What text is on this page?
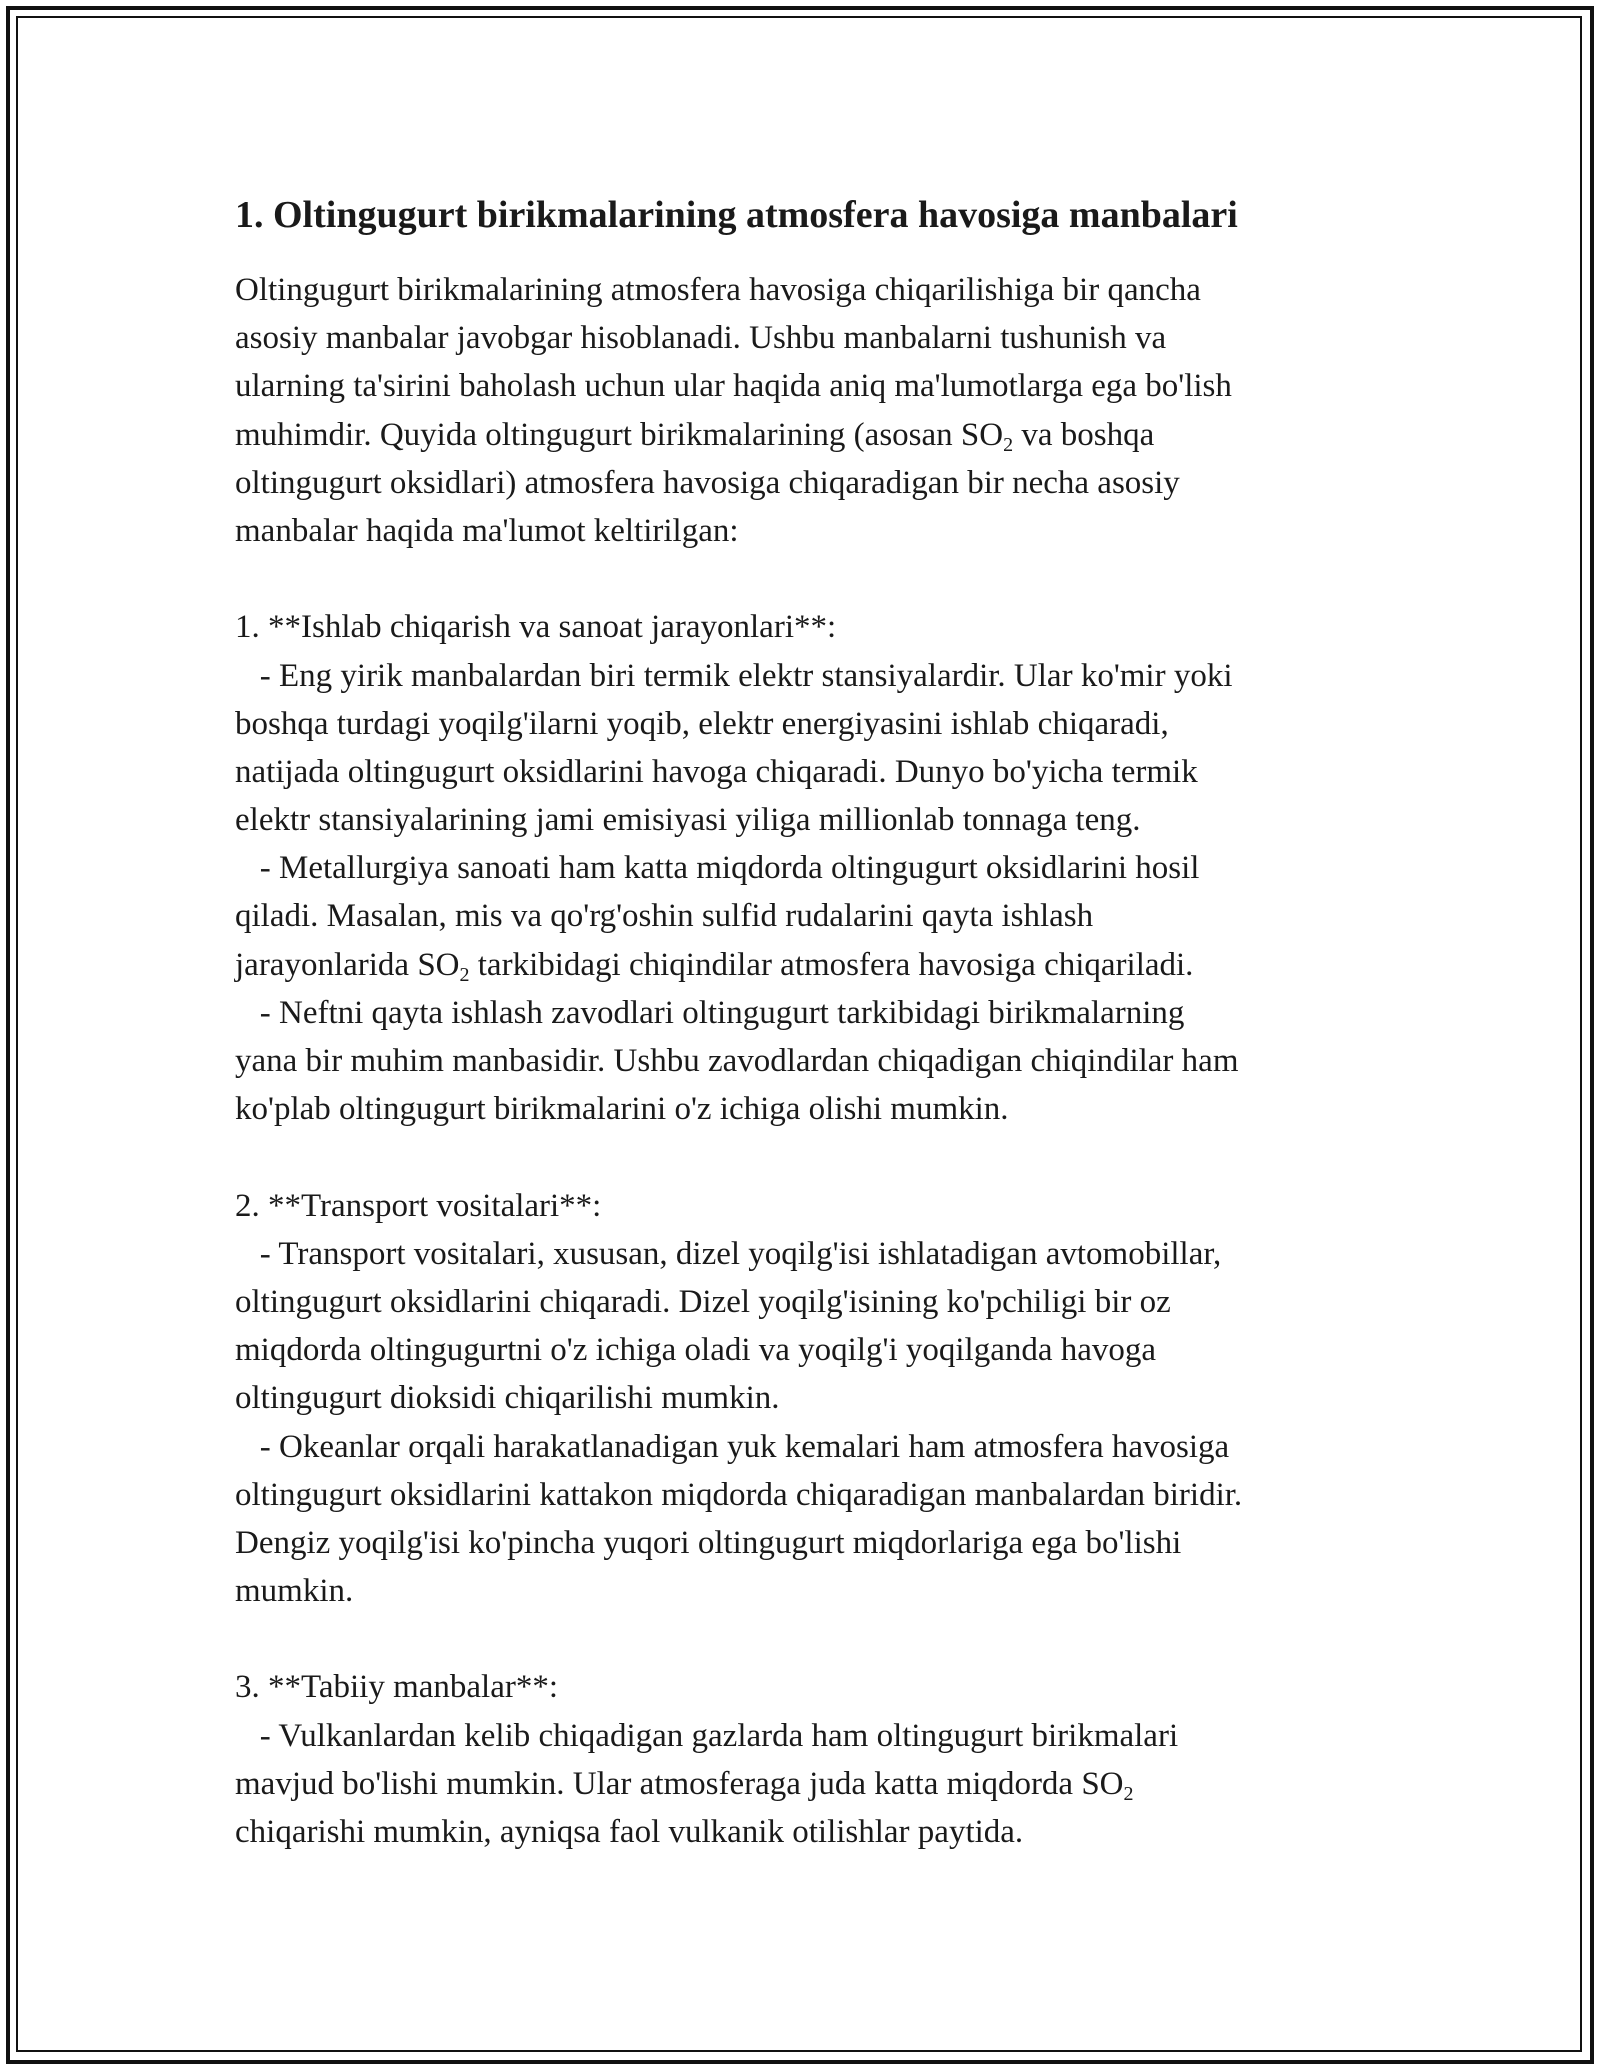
1. Oltingugurt birikmalarining atmosfera havosiga manbalari
Oltingugurt birikmalarining atmosfera havosiga chiqarilishiga bir qancha
asosiy manbalar javobgar hisoblanadi. Ushbu manbalarni tushunish va
ularning ta'sirini baholash uchun ular haqida aniq ma'lumotlarga ega bo'lish
muhimdir. Quyida oltingugurt birikmalarining (asosan $SO_2$ va boshqa
oltingugurt oksidlari) atmosfera havosiga chiqaradigan bir necha asosiy
manbalar haqida ma'lumot keltirilgan:
1. **Ishlab chiqarish va sanoat jarayonlari**:
- Eng yirik manbalardan biri termik elektr stansiyalardir. Ular ko'mir yoki
boshqa turdagi yoqilg'ilarni yoqib, elektr energiyasini ishlab chiqaradi,
natijada oltingugurt oksidlarini havoga chiqaradi. Dunyo bo'yicha termik
elektr stansiyalarining jami emisiyasi yiliga millionlab tonnaga teng.
- Metallurgiya sanoati ham katta miqdorda oltingugurt oksidlarini hosil
qiladi. Masalan, mis va qo'rg'oshin sulfid rudalarini qayta ishlash
jarayonlarida $SO_2$ tarkibidagi chiqindilar atmosfera havosiga chiqariladi.
- Neftni qayta ishlash zavodlari oltingugurt tarkibidagi birikmalarning
yana bir muhim manbasidir. Ushbu zavodlardan chiqadigan chiqindilar ham
ko'plab oltingugurt birikmalarini o'z ichiga olishi mumkin.
2. **Transport vositalari**:
- Transport vositalari, xususan, dizel yoqilg'isi ishlatadigan avtomobillar,
oltingugurt oksidlarini chiqaradi. Dizel yoqilg'isining ko'pchiligi bir oz
miqdorda oltingugurtni o'z ichiga oladi va yoqilg'i yoqilganda havoga
oltingugurt dioksidi chiqarilishi mumkin.
- Okeanlar orqali harakatlanadigan yuk kemalari ham atmosfera havosiga
oltingugurt oksidlarini kattakon miqdorda chiqaradigan manbalardan biridir.
Dengiz yoqilg'isi ko'pincha yuqori oltingugurt miqdorlariga ega bo'lishi
mumkin.
3. **Tabiiy manbalar**:
- Vulkanlardan kelib chiqadigan gazlarda ham oltingugurt birikmalari
mavjud bo'lishi mumkin. Ular atmosferaga juda katta miqdorda $SO_2$
chiqarishi mumkin, ayniqsa faol vulkanik otilishlar paytida.
